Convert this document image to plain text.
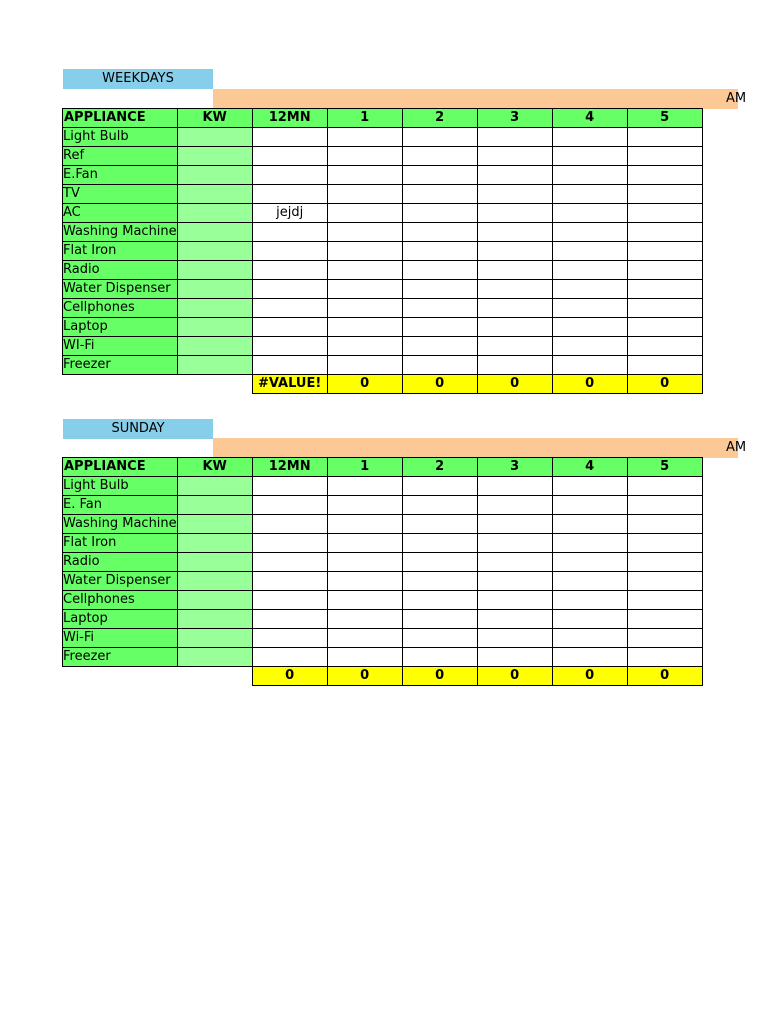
WEEKDAYS
AM
APPLIANCE	KW	12MN	1	2	3	4	5
Light Bulb							
Ref							
E.Fan							
TV							
AC		jejdj					
Washing Machine							
Flat Iron							
Radio							
Water Dispenser							
Cellphones							
Laptop							
WI-Fi							
Freezer							
		#VALUE!	0	0	0	0	0
SUNDAY
AM
APPLIANCE	KW	12MN	1	2	3	4	5
Light Bulb							
E. Fan							
Washing Machine							
Flat Iron							
Radio							
Water Dispenser							
Cellphones							
Laptop							
Wi-Fi							
Freezer							
		0	0	0	0	0	0
